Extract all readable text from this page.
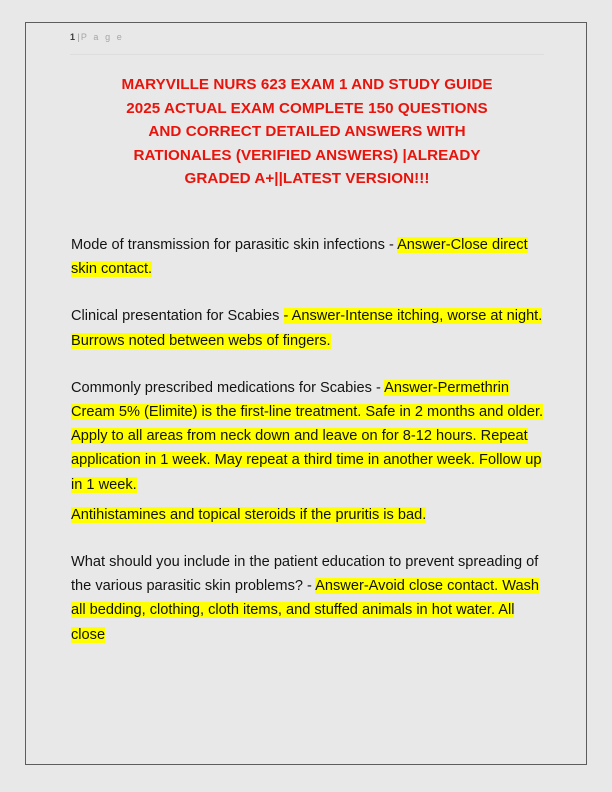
1 |P a g e
MARYVILLE NURS 623 EXAM 1 AND STUDY GUIDE
2025 ACTUAL EXAM COMPLETE 150 QUESTIONS
AND CORRECT DETAILED ANSWERS WITH
RATIONALES (VERIFIED ANSWERS) |ALREADY
GRADED A+||LATEST VERSION!!!

Mode of transmission for parasitic skin infections - Answer-Close direct skin contact.

Clinical presentation for Scabies - Answer-Intense itching, worse at night. Burrows noted between webs of fingers.

Commonly prescribed medications for Scabies - Answer-Permethrin Cream 5% (Elimite) is the first-line treatment. Safe in 2 months and older. Apply to all areas from neck down and leave on for 8-12 hours. Repeat application in 1 week. May repeat a third time in another week. Follow up in 1 week.

Antihistamines and topical steroids if the pruritis is bad.

What should you include in the patient education to prevent spreading of the various parasitic skin problems? - Answer-Avoid close contact. Wash all bedding, clothing, cloth items, and stuffed animals in hot water. All close
